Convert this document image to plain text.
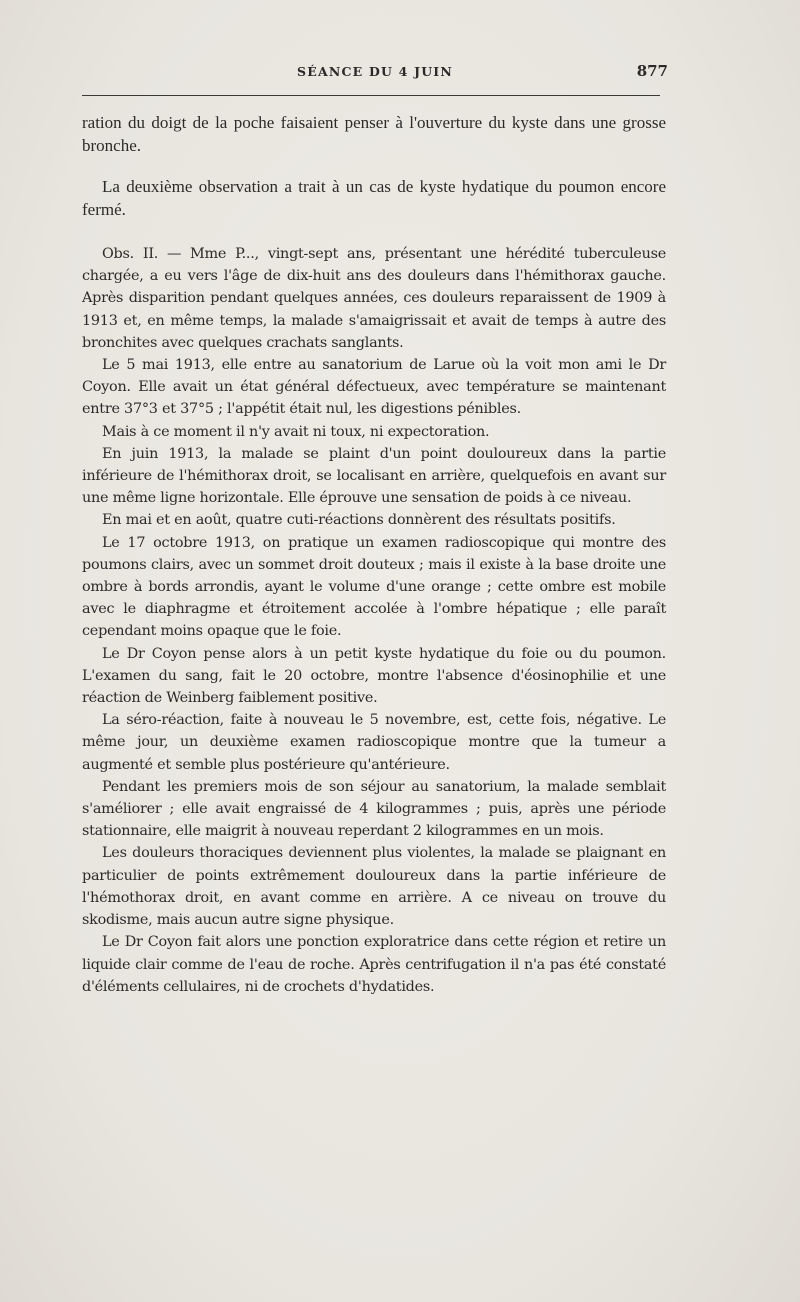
SÉANCE DU 4 JUIN	877

ration du doigt de la poche faisaient penser à l'ouverture du kyste dans une grosse bronche.

La deuxième observation a trait à un cas de kyste hydatique du poumon encore fermé.

Obs. II. — Mme P..., vingt-sept ans, présentant une hérédité tuberculeuse chargée, a eu vers l'âge de dix-huit ans des douleurs dans l'hémithorax gauche. Après disparition pendant quelques années, ces douleurs reparaissent de 1909 à 1913 et, en même temps, la malade s'amaigrissait et avait de temps à autre des bronchites avec quelques crachats sanglants.

Le 5 mai 1913, elle entre au sanatorium de Larue où la voit mon ami le Dr Coyon. Elle avait un état général défectueux, avec température se maintenant entre 37°3 et 37°5 ; l'appétit était nul, les digestions pénibles.

Mais à ce moment il n'y avait ni toux, ni expectoration.

En juin 1913, la malade se plaint d'un point douloureux dans la partie inférieure de l'hémithorax droit, se localisant en arrière, quelquefois en avant sur une même ligne horizontale. Elle éprouve une sensation de poids à ce niveau.

En mai et en août, quatre cuti-réactions donnèrent des résultats positifs.

Le 17 octobre 1913, on pratique un examen radioscopique qui montre des poumons clairs, avec un sommet droit douteux ; mais il existe à la base droite une ombre à bords arrondis, ayant le volume d'une orange ; cette ombre est mobile avec le diaphragme et étroitement accolée à l'ombre hépatique ; elle paraît cependant moins opaque que le foie.

Le Dr Coyon pense alors à un petit kyste hydatique du foie ou du poumon. L'examen du sang, fait le 20 octobre, montre l'absence d'éosinophilie et une réaction de Weinberg faiblement positive.

La séro-réaction, faite à nouveau le 5 novembre, est, cette fois, négative. Le même jour, un deuxième examen radioscopique montre que la tumeur a augmenté et semble plus postérieure qu'antérieure.

Pendant les premiers mois de son séjour au sanatorium, la malade semblait s'améliorer ; elle avait engraissé de 4 kilogrammes ; puis, après une période stationnaire, elle maigrit à nouveau reperdant 2 kilogrammes en un mois.

Les douleurs thoraciques deviennent plus violentes, la malade se plaignant en particulier de points extrêmement douloureux dans la partie inférieure de l'hémothorax droit, en avant comme en arrière. A ce niveau on trouve du skodisme, mais aucun autre signe physique.

Le Dr Coyon fait alors une ponction exploratrice dans cette région et retire un liquide clair comme de l'eau de roche. Après centrifugation il n'a pas été constaté d'éléments cellulaires, ni de crochets d'hydatides.
